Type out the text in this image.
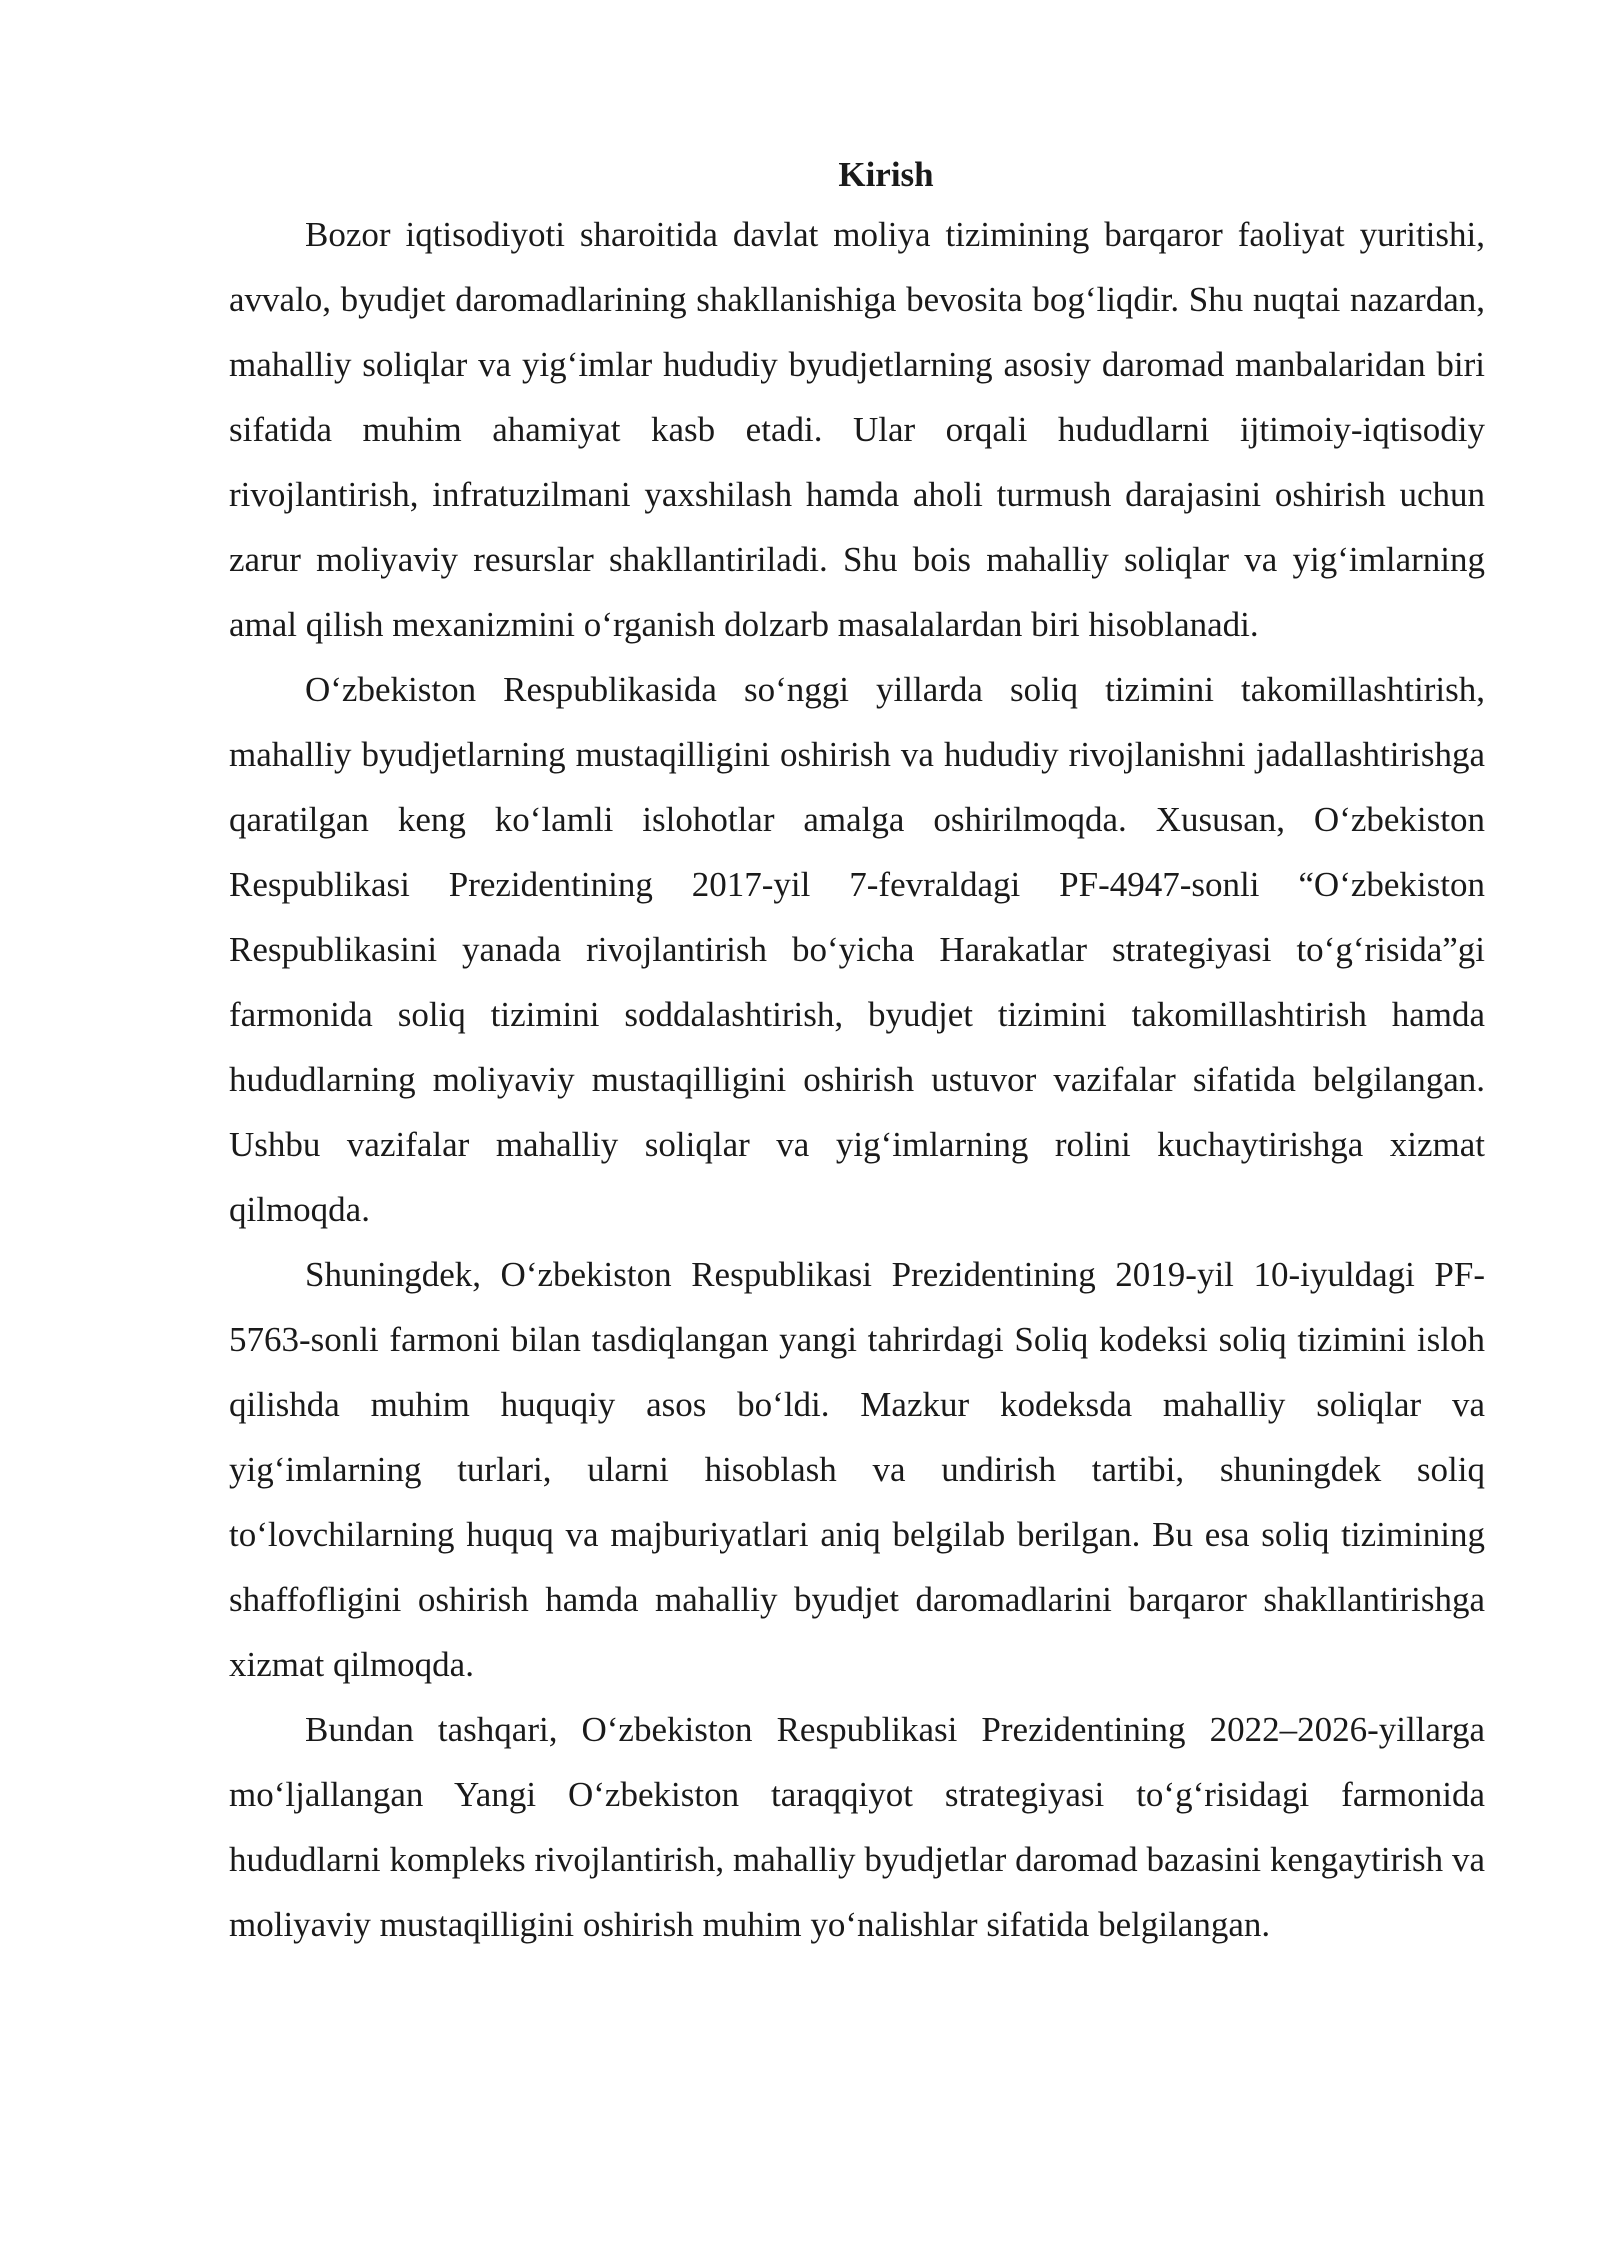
Kirish

Bozor iqtisodiyoti sharoitida davlat moliya tizimining barqaror faoliyat yuritishi, avvalo, byudjet daromadlarining shakllanishiga bevosita bog‘liqdir. Shu nuqtai nazardan, mahalliy soliqlar va yig‘imlar hududiy byudjetlarning asosiy daromad manbalaridan biri sifatida muhim ahamiyat kasb etadi. Ular orqali hududlarni ijtimoiy-iqtisodiy rivojlantirish, infratuzilmani yaxshilash hamda aholi turmush darajasini oshirish uchun zarur moliyaviy resurslar shakllantiriladi. Shu bois mahalliy soliqlar va yig‘imlarning amal qilish mexanizmini o‘rganish dolzarb masalalardan biri hisoblanadi.

O‘zbekiston Respublikasida so‘nggi yillarda soliq tizimini takomillashtirish, mahalliy byudjetlarning mustaqilligini oshirish va hududiy rivojlanishni jadallashtirishga qaratilgan keng ko‘lamli islohotlar amalga oshirilmoqda. Xususan, O‘zbekiston Respublikasi Prezidentining 2017-yil 7-fevraldagi PF-4947-sonli “O‘zbekiston Respublikasini yanada rivojlantirish bo‘yicha Harakatlar strategiyasi to‘g‘risida”gi farmonida soliq tizimini soddalashtirish, byudjet tizimini takomillashtirish hamda hududlarning moliyaviy mustaqilligini oshirish ustuvor vazifalar sifatida belgilangan. Ushbu vazifalar mahalliy soliqlar va yig‘imlarning rolini kuchaytirishga xizmat qilmoqda.

Shuningdek, O‘zbekiston Respublikasi Prezidentining 2019-yil 10-iyuldagi PF-5763-sonli farmoni bilan tasdiqlangan yangi tahrirdagi Soliq kodeksi soliq tizimini isloh qilishda muhim huquqiy asos bo‘ldi. Mazkur kodeksda mahalliy soliqlar va yig‘imlarning turlari, ularni hisoblash va undirish tartibi, shuningdek soliq to‘lovchilarning huquq va majburiyatlari aniq belgilab berilgan. Bu esa soliq tizimining shaffofligini oshirish hamda mahalliy byudjet daromadlarini barqaror shakllantirishga xizmat qilmoqda.

Bundan tashqari, O‘zbekiston Respublikasi Prezidentining 2022–2026-yillarga mo‘ljallangan Yangi O‘zbekiston taraqqiyot strategiyasi to‘g‘risidagi farmonida hududlarni kompleks rivojlantirish, mahalliy byudjetlar daromad bazasini kengaytirish va moliyaviy mustaqilligini oshirish muhim yo‘nalishlar sifatida belgilangan.
